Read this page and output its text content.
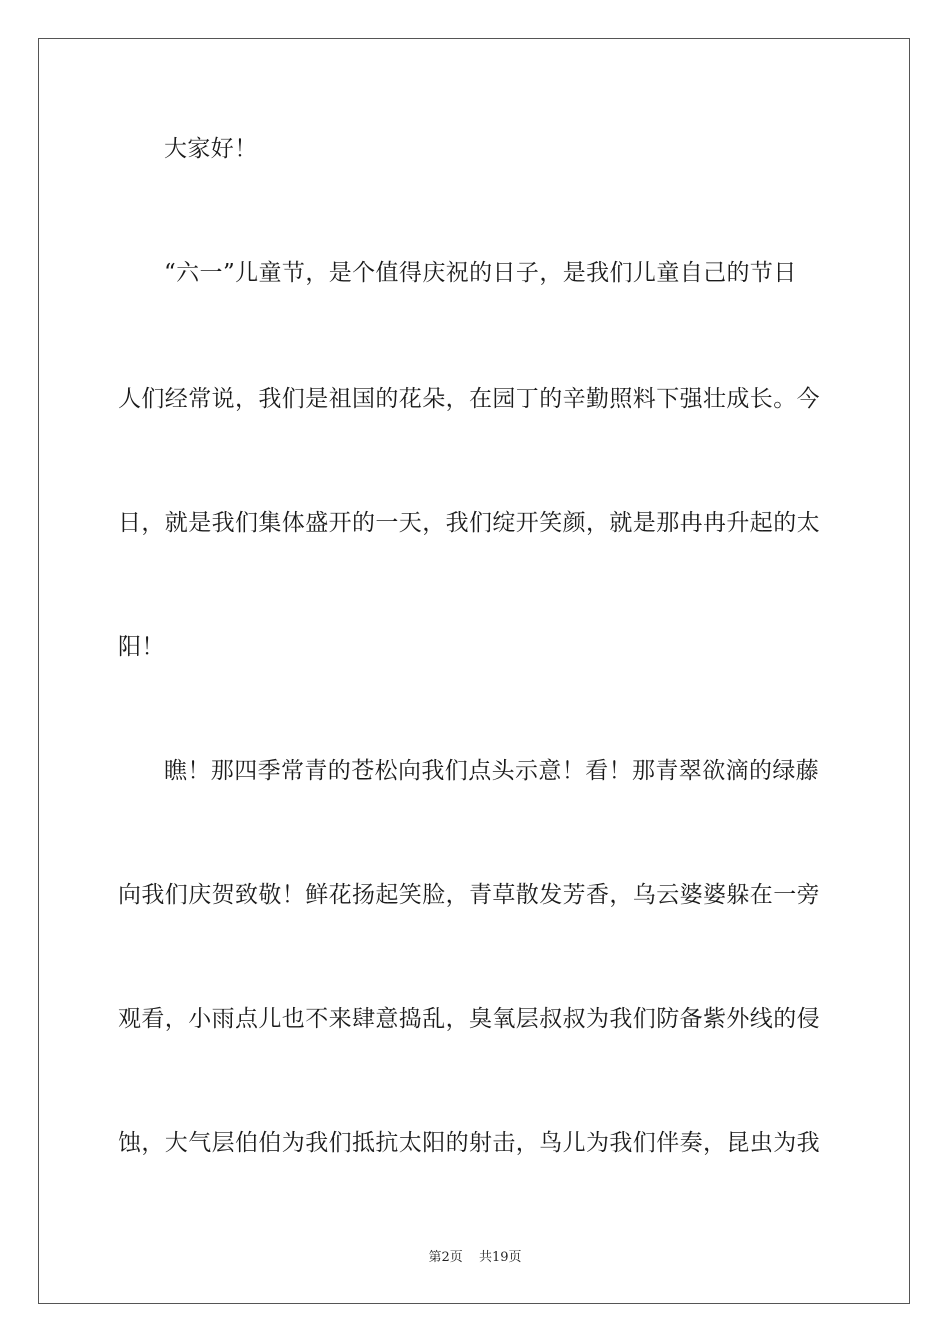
大家好！
“六一”儿童节，是个值得庆祝的日子，是我们儿童自己的节日
人们经常说，我们是祖国的花朵，在园丁的辛勤照料下强壮成长。今
日，就是我们集体盛开的一天，我们绽开笑颜，就是那冉冉升起的太
阳！
瞧！那四季常青的苍松向我们点头示意！看！那青翠欲滴的绿藤
向我们庆贺致敬！鲜花扬起笑脸，青草散发芳香，乌云婆婆躲在一旁
观看，小雨点儿也不来肆意捣乱，臭氧层叔叔为我们防备紫外线的侵
蚀，大气层伯伯为我们抵抗太阳的射击，鸟儿为我们伴奏，昆虫为我
第2页 共19页
